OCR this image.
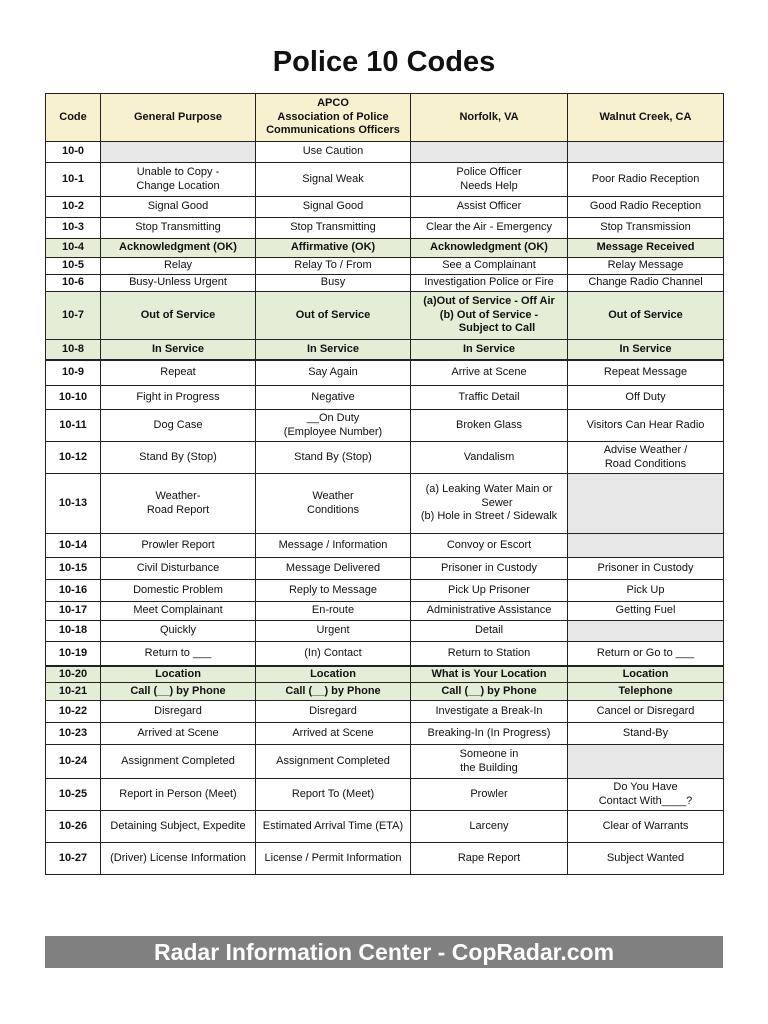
Police 10 Codes
Code	General Purpose	APCO
Association of Police
Communications Officers	Norfolk, VA	Walnut Creek, CA
10-0		Use Caution		

10-1	Unable to Copy -
Change Location	Signal Weak	Police Officer
Needs Help	Poor Radio Reception

10-2	Signal Good	Signal Good	Assist Officer	Good Radio Reception

10-3	Stop Transmitting	Stop Transmitting	Clear the Air - Emergency	Stop Transmission

10-4	Acknowledgment (OK)	Affirmative (OK)	Acknowledgment (OK)	Message Received

10-5	Relay	Relay To / From	See a Complainant	Relay Message

10-6	Busy-Unless Urgent	Busy	Investigation Police or Fire	Change Radio Channel

10-7	Out of Service	Out of Service	(a)Out of Service - Off Air
(b) Out of Service -
Subject to Call	Out of Service

10-8	In Service	In Service	In Service	In Service

10-9	Repeat	Say Again	Arrive at Scene	Repeat Message

10-10	Fight in Progress	Negative	Traffic Detail	Off Duty

10-11	Dog Case	__On Duty
(Employee Number)	Broken Glass	Visitors Can Hear Radio

10-12	Stand By (Stop)	Stand By (Stop)	Vandalism	Advise Weather /
Road Conditions

10-13	Weather-
Road Report	Weather
Conditions	(a) Leaking Water Main or
Sewer
(b) Hole in Street / Sidewalk	

10-14	Prowler Report	Message / Information	Convoy or Escort	

10-15	Civil Disturbance	Message Delivered	Prisoner in Custody	Prisoner in Custody

10-16	Domestic Problem	Reply to Message	Pick Up Prisoner	Pick Up

10-17	Meet Complainant	En-route	Administrative Assistance	Getting Fuel

10-18	Quickly	Urgent	Detail	

10-19	Return to ___	(In) Contact	Return to Station	Return or Go to ___

10-20	Location	Location	What is Your Location	Location

10-21	Call (__) by Phone	Call (__) by Phone	Call (__) by Phone	Telephone

10-22	Disregard	Disregard	Investigate a Break-In	Cancel or Disregard

10-23	Arrived at Scene	Arrived at Scene	Breaking-In (In Progress)	Stand-By

10-24	Assignment Completed	Assignment Completed	Someone in
the Building	

10-25	Report in Person (Meet)	Report To (Meet)	Prowler	Do You Have
Contact With____?

10-26	Detaining Subject, Expedite	Estimated Arrival Time (ETA)	Larceny	Clear of Warrants

10-27	(Driver) License Information	License / Permit Information	Rape Report	Subject Wanted
Radar Information Center - CopRadar.com
